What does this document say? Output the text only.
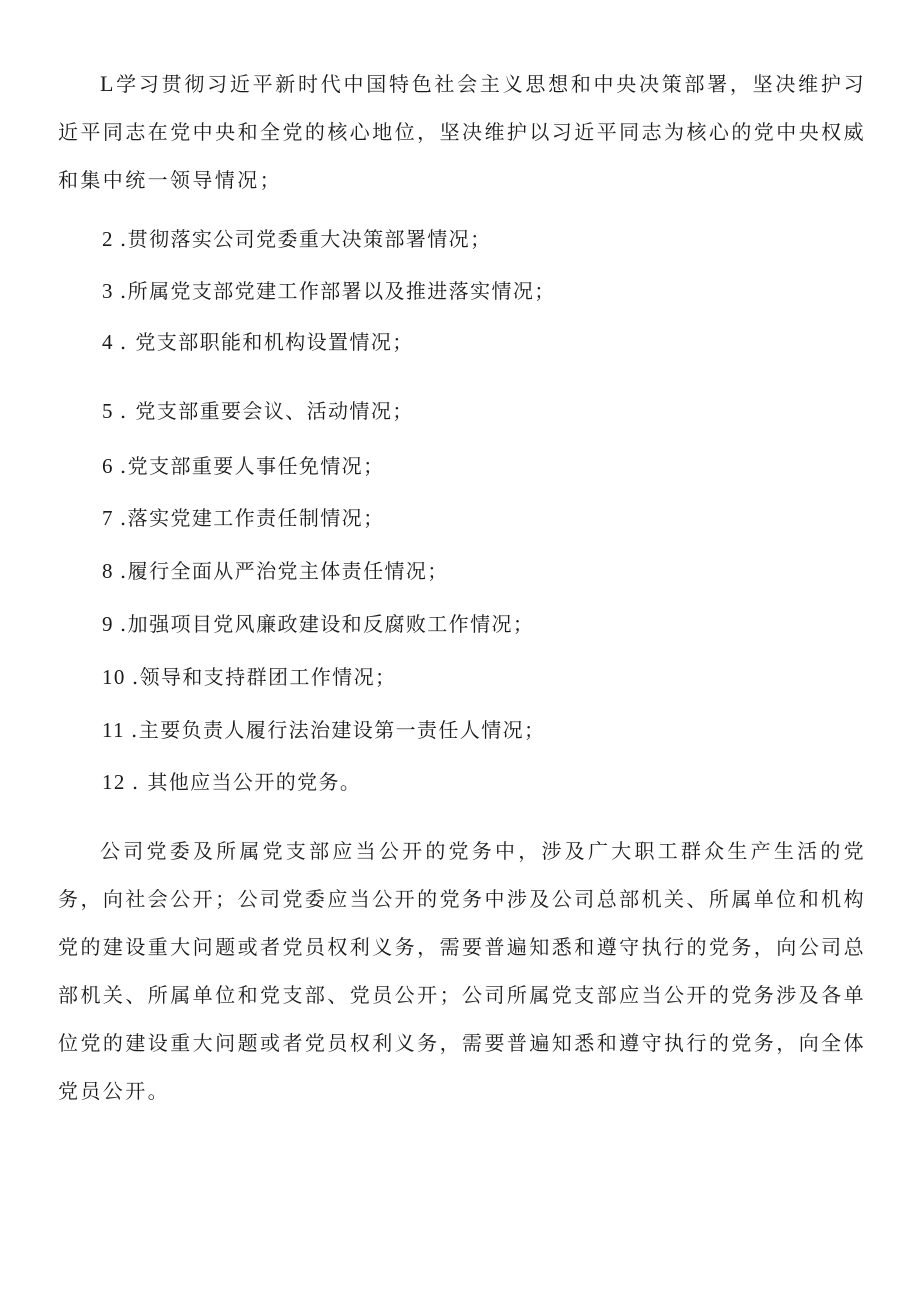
L学习贯彻习近平新时代中国特色社会主义思想和中央决策部署，坚决维护习近平同志在党中央和全党的核心地位，坚决维护以习近平同志为核心的党中央权威和集中统一领导情况；

2 .贯彻落实公司党委重大决策部署情况；

3 .所属党支部党建工作部署以及推进落实情况；

4 . 党支部职能和机构设置情况；

5 . 党支部重要会议、活动情况；

6 .党支部重要人事任免情况；

7 .落实党建工作责任制情况；

8 .履行全面从严治党主体责任情况；

9 .加强项目党风廉政建设和反腐败工作情况；

10 .领导和支持群团工作情况；

11 .主要负责人履行法治建设第一责任人情况；

12 . 其他应当公开的党务。

公司党委及所属党支部应当公开的党务中，涉及广大职工群众生产生活的党务，向社会公开；公司党委应当公开的党务中涉及公司总部机关、所属单位和机构党的建设重大问题或者党员权利义务，需要普遍知悉和遵守执行的党务，向公司总部机关、所属单位和党支部、党员公开；公司所属党支部应当公开的党务涉及各单位党的建设重大问题或者党员权利义务，需要普遍知悉和遵守执行的党务，向全体党员公开。
